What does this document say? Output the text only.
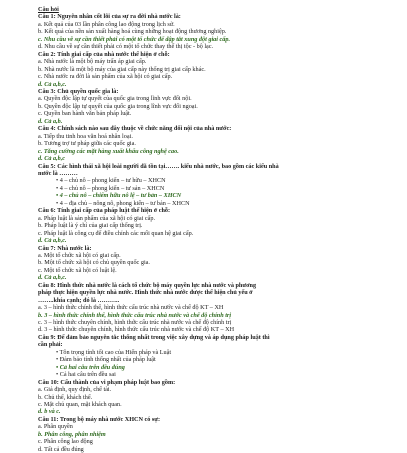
Câu hỏi
Câu 1: Nguyên nhân cốt lõi của sự ra đời nhà nước là:
a. Kết quả của 03 lần phân công lao động trong lịch sử.
b. Kết quả của nền sản xuất hàng hoá cùng những hoạt động thương nghiệp.
c. Nhu cầu về sự cần thiết phải có một tổ chức để dập tắt xung đột giai cấp.
d. Nhu cầu về sự cần thiết phải có một tổ chức thay thế thị tộc - bộ lạc.
Câu 2: Tính giai cấp của nhà nước thể hiện ở chỗ:
a. Nhà nước là một bộ máy trấn áp giai cấp.
b. Nhà nước là một bộ máy của giai cấp này thống trị giai cấp khác.
c. Nhà nước ra đời là sản phẩm của xã hội có giai cấp.
d. Cả a,b,c.
Câu 3: Chủ quyền quốc gia là:
a. Quyền độc lập tự quyết của quốc gia trong lĩnh vực đối nội.
b. Quyền độc lập tự quyết của quốc gia trong lĩnh vực đối ngoại.
c. Quyền ban hành văn bản pháp luật.
d. Cả a,b.
Câu 4: Chính sách nào sau đây thuộc về chức năng đối nội của nhà nước:
a. Tiếp thu tinh hoa văn hoá nhân loại.
b. Tương trợ tư pháp giữa các quốc gia.
c. Tăng cường các mặt hàng xuất khẩu công nghệ cao.
d. Cả a,b,c
Câu 5: Các hình thái xã hội loài người đã tồn tại……. kiểu nhà nước, bao gồm các kiểu nhà
nước là ………
• 4 – chủ nô – phong kiến – tư hữu – XHCN
• 4 – chủ nô – phong kiến – tư sản – XHCN
• 4 – chủ nô – chiếm hữu nô lệ – tư bản – XHCN
• 4 – địa chủ – nông nô, phong kiến – tư bản – XHCN
Câu 6: Tính giai cấp của pháp luật thể hiện ở chỗ:
a. Pháp luật là sản phẩm của xã hội có giai cấp.
b. Pháp luật là ý chí của giai cấp thống trị.
c. Pháp luật là công cụ để điều chỉnh các mối quan hệ giai cấp.
d. Cả a,b,c.
Câu 7: Nhà nước là:
a. Một tổ chức xã hội có giai cấp.
b. Một tổ chức xã hội có chủ quyền quốc gia.
c. Một tổ chức xã hội có luật lệ.
d. Cả a,b,c.
Câu 8: Hình thức nhà nước là cách tổ chức bộ máy quyền lực nhà nước và phương
pháp thực hiện quyền lực nhà nước. Hình thức nhà nước được thể hiện chủ yếu ở
……..khía cạnh; đó là ………..
a. 3 – hình thức chính thể, hình thức cấu trúc nhà nước và chế độ KT – XH
b. 3 – hình thức chính thể, hình thức cấu trúc nhà nước và chế độ chính trị
c. 3 – hình thức chuyên chính, hình thức cấu trúc nhà nước và chế độ chính trị
d. 3 – hình thức chuyên chính, hình thức cấu trúc nhà nước và chế độ KT – XH
Câu 9: Để đảm bảo nguyên tắc thống nhất trong việc xây dựng và áp dụng pháp luật thì
cần phải:
• Tôn trọng tính tối cao của Hiến pháp và Luật
• Đảm bảo tính thống nhất của pháp luật
• Cả hai câu trên đều đúng
• Cả hai câu trên đều sai
Câu 10: Cấu thành của vi phạm pháp luật bao gồm:
a. Giả định, quy định, chế tài.
b. Chủ thể, khách thể.
c. Mặt chủ quan, mặt khách quan.
d. b và c.
Câu 11: Trong bộ máy nhà nước XHCN có sự:
a. Phân quyền
b. Phân công, phân nhiệm
c. Phân công lao động
d. Tất cả đều đúng
